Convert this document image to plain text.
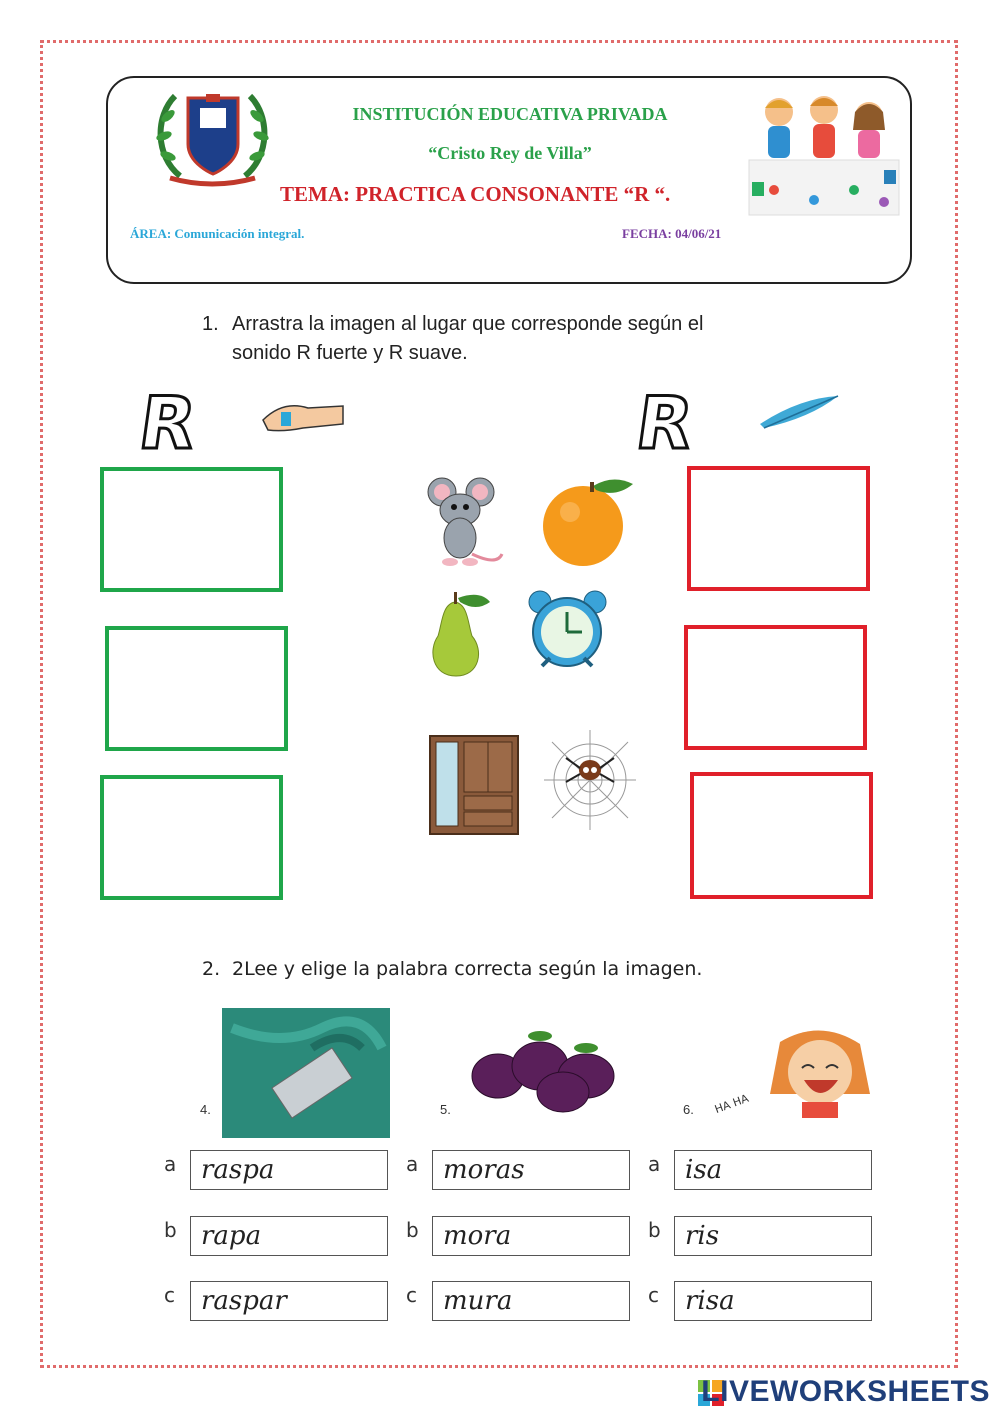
INSTITUCIÓN EDUCATIVA PRIVADA
“Cristo Rey de Villa”
TEMA: PRACTICA CONSONANTE “R “.
ÁREA: Comunicación integral.	FECHA: 04/06/21
1. Arrastra la imagen al lugar que corresponde según el
sonido R fuerte y R suave.
R	R
2. 2Lee y elige la palabra correcta según la imagen.
4.	5.	HA HA
6.
a raspa
b rapa
c	raspar
a moras
b mora
c	mura
a isa
b ris
c	risa
LIVEWORKSHEETS
